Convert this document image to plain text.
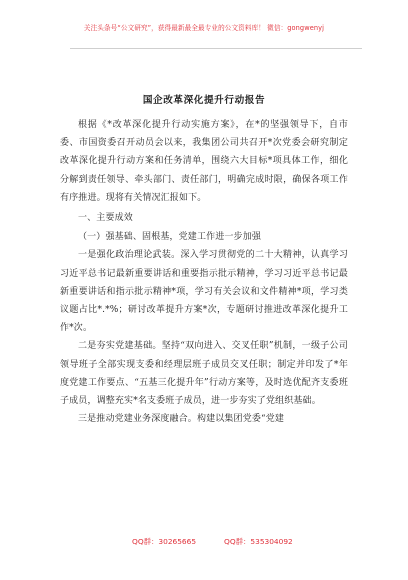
关注头条号“公文研究”，获得最新最全最专业的公文资料库！ 微信：gongwenyj
国企改革深化提升行动报告

根据《*改革深化提升行动实施方案》，在*的坚强领导下，自市委、市国资委召开动员会以来，我集团公司共召开*次党委会研究制定改革深化提升行动方案和任务清单，围绕六大目标*项具体工作，细化分解到责任领导、牵头部门、责任部门，明确完成时限，确保各项工作有序推进。现将有关情况汇报如下。

一、主要成效

（一）强基础、固根基，党建工作进一步加强

一是强化政治理论武装。深入学习贯彻党的二十大精神，认真学习习近平总书记最新重要讲话和重要指示批示精神，学习习近平总书记最新重要讲话和指示批示精神*项，学习有关会议和文件精神*项，学习类议题占比*.*%；研讨改革提升方案*次，专题研讨推进改革深化提升工作*次。

二是夯实党建基础。坚持“双向进入、交叉任职”机制，一级子公司领导班子全部实现支委和经理层班子成员交叉任职；制定并印发了*年度党建工作要点、“五基三化提升年”行动方案等，及时选优配齐支委班子成员，调整充实*名支委班子成员，进一步夯实了党组织基础。

三是推动党建业务深度融合。构建以集团党委“党建

QQ群：30265665	QQ群：535304092
